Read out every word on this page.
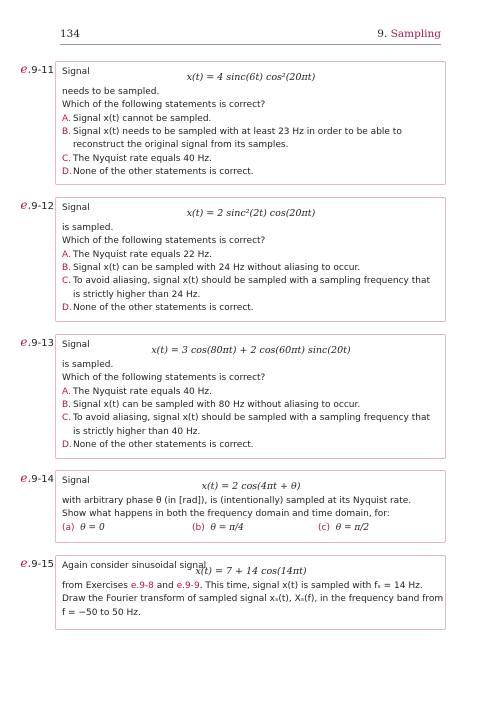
134	9. Sampling
e.9-11 Signal
x(t) = 4 sinc(6t) cos²(20πt)
needs to be sampled.
Which of the following statements is correct?
A. Signal x(t) cannot be sampled.
B. Signal x(t) needs to be sampled with at least 23 Hz in order to be able to reconstruct the original signal from its samples.
C. The Nyquist rate equals 40 Hz.
D. None of the other statements is correct.
e.9-12 Signal
x(t) = 2 sinc²(2t) cos(20πt)
is sampled.
Which of the following statements is correct?
A. The Nyquist rate equals 22 Hz.
B. Signal x(t) can be sampled with 24 Hz without aliasing to occur.
C. To avoid aliasing, signal x(t) should be sampled with a sampling frequency that is strictly higher than 24 Hz.
D. None of the other statements is correct.
e.9-13 Signal
x(t) = 3 cos(80πt) + 2 cos(60πt) sinc(20t)
is sampled.
Which of the following statements is correct?
A. The Nyquist rate equals 40 Hz.
B. Signal x(t) can be sampled with 80 Hz without aliasing to occur.
C. To avoid aliasing, signal x(t) should be sampled with a sampling frequency that is strictly higher than 40 Hz.
D. None of the other statements is correct.
e.9-14 Signal
x(t) = 2 cos(4πt + θ)
with arbitrary phase θ (in [rad]), is (intentionally) sampled at its Nyquist rate.
Show what happens in both the frequency domain and time domain, for:
(a) θ = 0	(b) θ = π/4	(c) θ = π/2
e.9-15 Again consider sinusoidal signal
x(t) = 7 + 14 cos(14πt)
from Exercises e.9-8 and e.9-9. This time, signal x(t) is sampled with fₛ = 14 Hz.
Draw the Fourier transform of sampled signal xₛ(t), Xₛ(f), in the frequency band from
f = −50 to 50 Hz.
